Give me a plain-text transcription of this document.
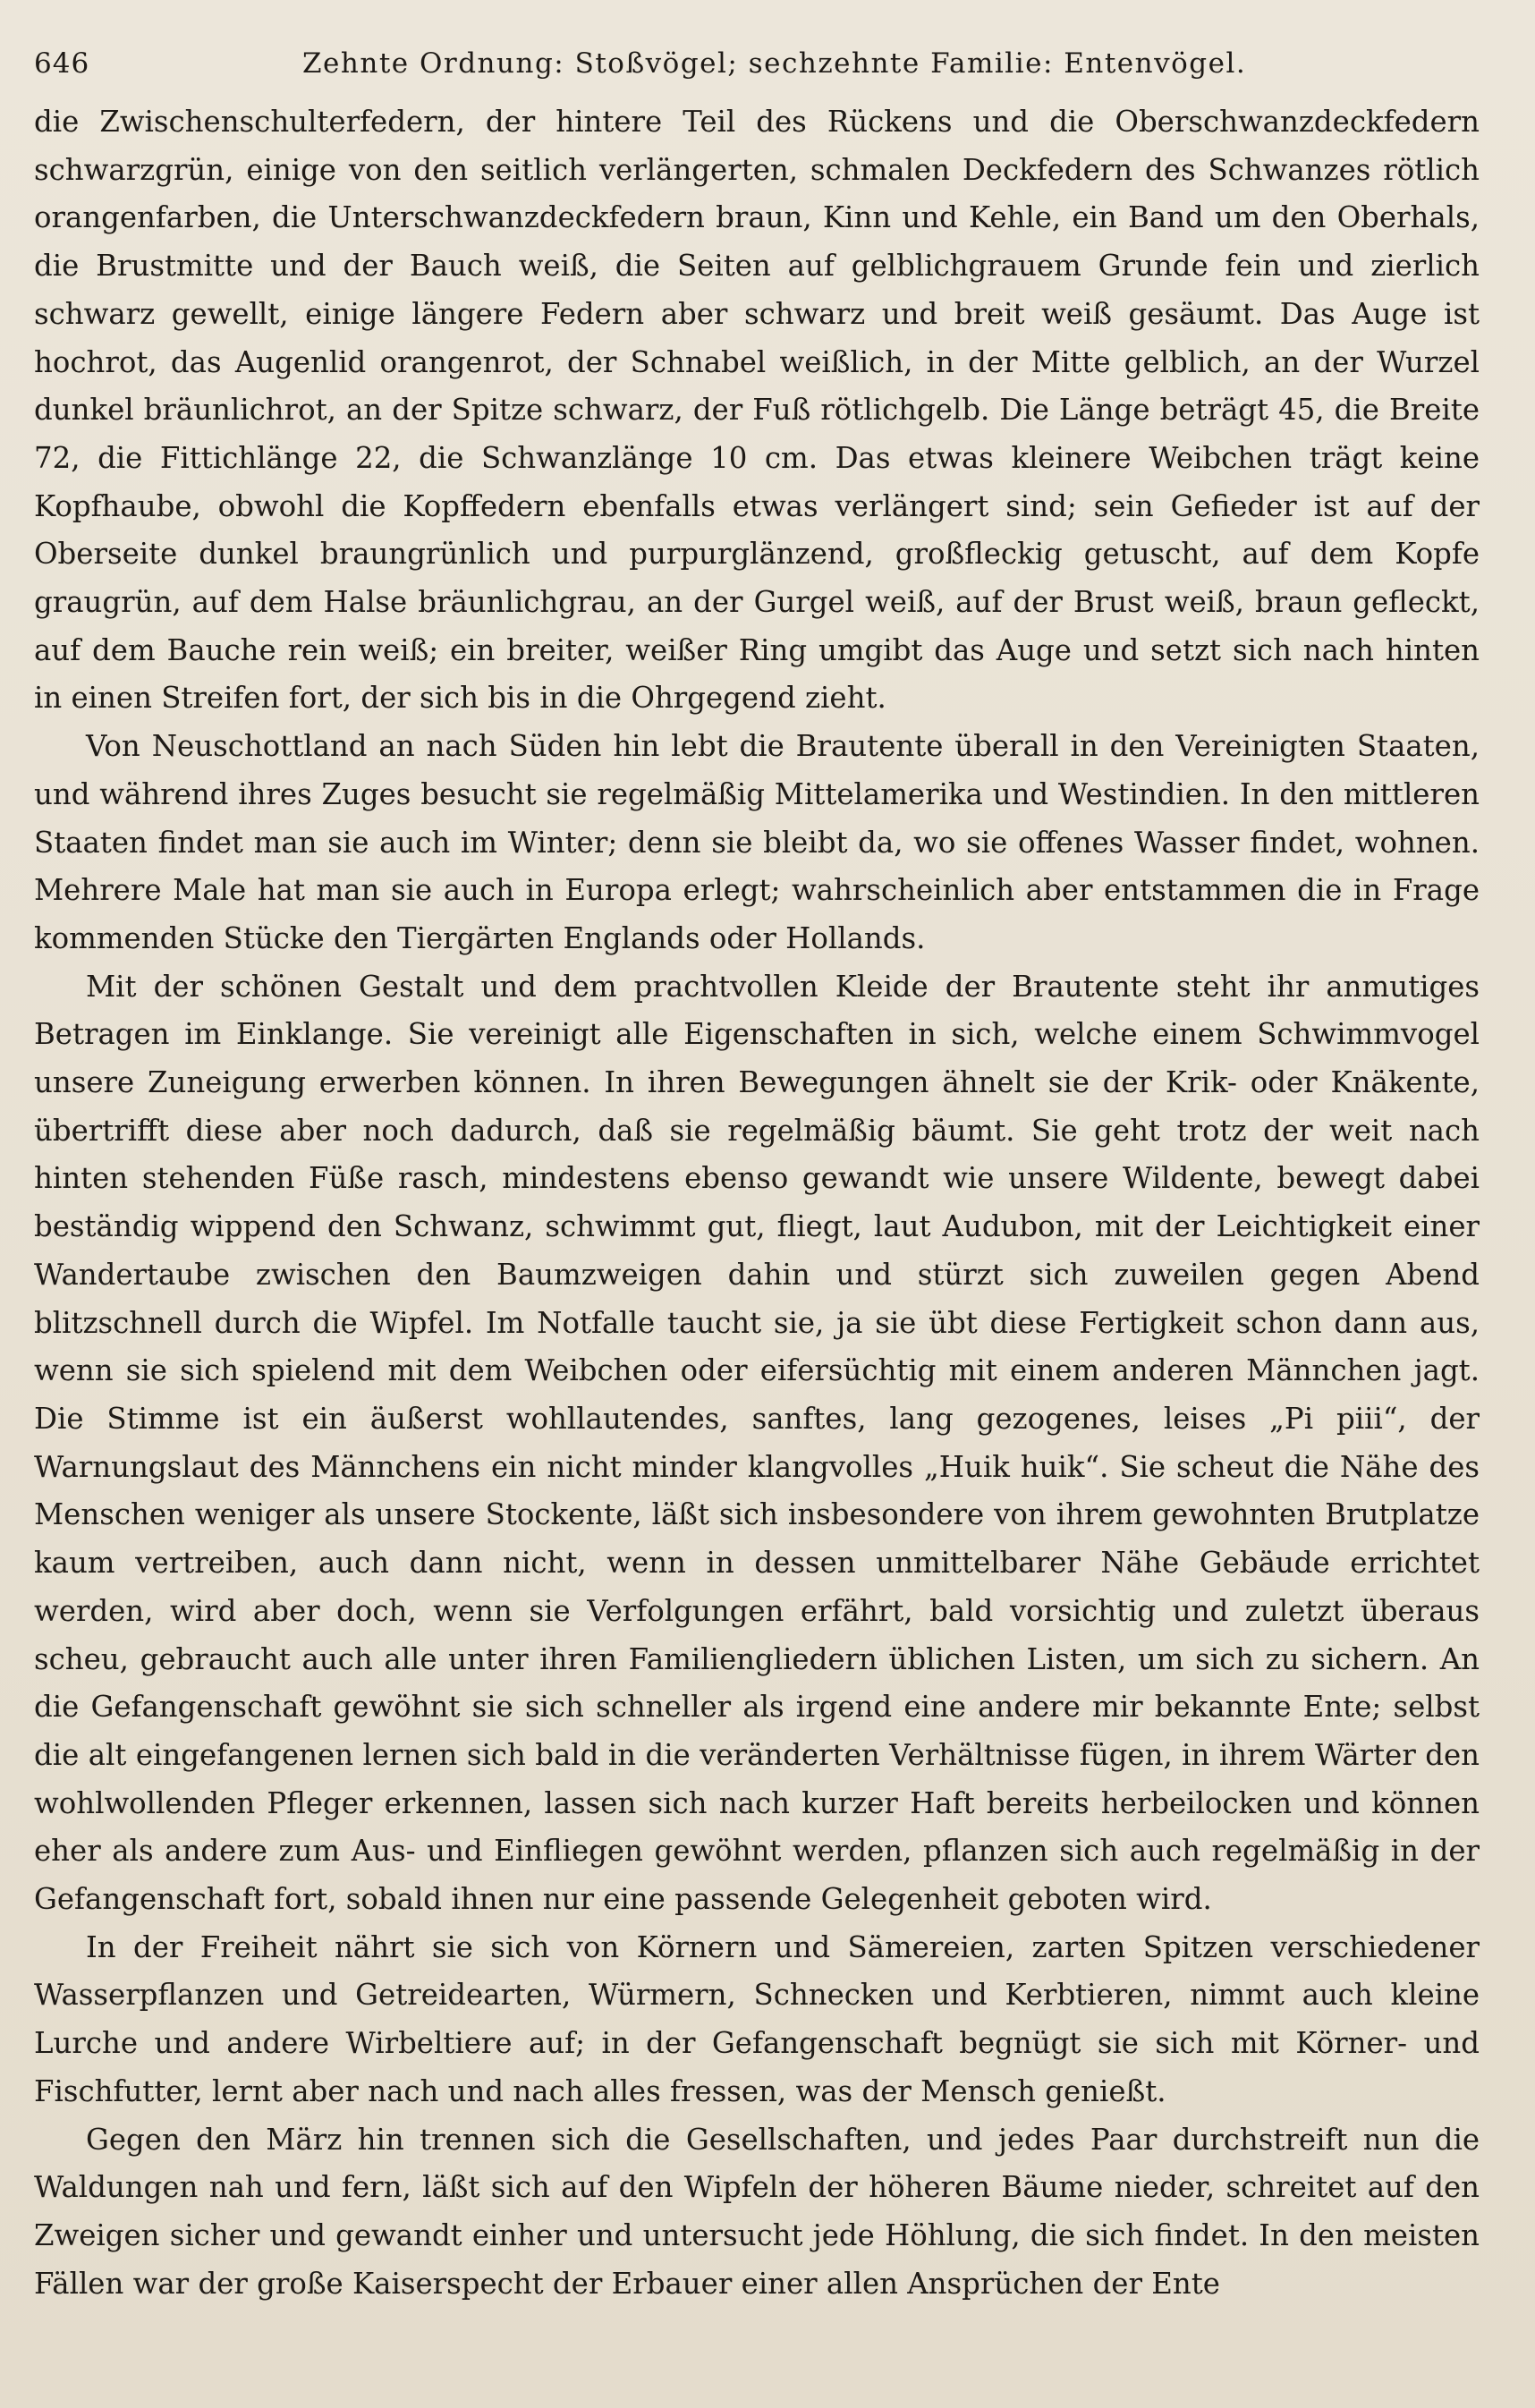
646	Zehnte Ordnung: Stoßvögel; sechzehnte Familie: Entenvögel.

die Zwischenschulterfedern, der hintere Teil des Rückens und die Oberschwanzdeckfedern schwarzgrün, einige von den seitlich verlängerten, schmalen Deckfedern des Schwanzes rötlich orangenfarben, die Unterschwanzdeckfedern braun, Kinn und Kehle, ein Band um den Oberhals, die Brustmitte und der Bauch weiß, die Seiten auf gelblichgrauem Grunde fein und zierlich schwarz gewellt, einige längere Federn aber schwarz und breit weiß gesäumt. Das Auge ist hochrot, das Augenlid orangenrot, der Schnabel weißlich, in der Mitte gelblich, an der Wurzel dunkel bräunlichrot, an der Spitze schwarz, der Fuß rötlichgelb. Die Länge beträgt 45, die Breite 72, die Fittichlänge 22, die Schwanzlänge 10 cm. Das etwas kleinere Weibchen trägt keine Kopfhaube, obwohl die Kopffedern ebenfalls etwas verlängert sind; sein Gefieder ist auf der Oberseite dunkel braungrünlich und purpurglänzend, großfleckig getuscht, auf dem Kopfe graugrün, auf dem Halse bräunlichgrau, an der Gurgel weiß, auf der Brust weiß, braun gefleckt, auf dem Bauche rein weiß; ein breiter, weißer Ring umgibt das Auge und setzt sich nach hinten in einen Streifen fort, der sich bis in die Ohrgegend zieht.

Von Neuschottland an nach Süden hin lebt die Brautente überall in den Vereinigten Staaten, und während ihres Zuges besucht sie regelmäßig Mittelamerika und Westindien. In den mittleren Staaten findet man sie auch im Winter; denn sie bleibt da, wo sie offenes Wasser findet, wohnen. Mehrere Male hat man sie auch in Europa erlegt; wahrscheinlich aber entstammen die in Frage kommenden Stücke den Tiergärten Englands oder Hollands.

Mit der schönen Gestalt und dem prachtvollen Kleide der Brautente steht ihr anmutiges Betragen im Einklange. Sie vereinigt alle Eigenschaften in sich, welche einem Schwimmvogel unsere Zuneigung erwerben können. In ihren Bewegungen ähnelt sie der Krik- oder Knäkente, übertrifft diese aber noch dadurch, daß sie regelmäßig bäumt. Sie geht trotz der weit nach hinten stehenden Füße rasch, mindestens ebenso gewandt wie unsere Wildente, bewegt dabei beständig wippend den Schwanz, schwimmt gut, fliegt, laut Audubon, mit der Leichtigkeit einer Wandertaube zwischen den Baumzweigen dahin und stürzt sich zuweilen gegen Abend blitzschnell durch die Wipfel. Im Notfalle taucht sie, ja sie übt diese Fertigkeit schon dann aus, wenn sie sich spielend mit dem Weibchen oder eifersüchtig mit einem anderen Männchen jagt. Die Stimme ist ein äußerst wohllautendes, sanftes, lang gezogenes, leises „Pi piii“, der Warnungslaut des Männchens ein nicht minder klangvolles „Huik huik“. Sie scheut die Nähe des Menschen weniger als unsere Stockente, läßt sich insbesondere von ihrem gewohnten Brutplatze kaum vertreiben, auch dann nicht, wenn in dessen unmittelbarer Nähe Gebäude errichtet werden, wird aber doch, wenn sie Verfolgungen erfährt, bald vorsichtig und zuletzt überaus scheu, gebraucht auch alle unter ihren Familiengliedern üblichen Listen, um sich zu sichern. An die Gefangenschaft gewöhnt sie sich schneller als irgend eine andere mir bekannte Ente; selbst die alt eingefangenen lernen sich bald in die veränderten Verhältnisse fügen, in ihrem Wärter den wohlwollenden Pfleger erkennen, lassen sich nach kurzer Haft bereits herbeilocken und können eher als andere zum Aus- und Einfliegen gewöhnt werden, pflanzen sich auch regelmäßig in der Gefangenschaft fort, sobald ihnen nur eine passende Gelegenheit geboten wird.

In der Freiheit nährt sie sich von Körnern und Sämereien, zarten Spitzen verschiedener Wasserpflanzen und Getreidearten, Würmern, Schnecken und Kerbtieren, nimmt auch kleine Lurche und andere Wirbeltiere auf; in der Gefangenschaft begnügt sie sich mit Körner- und Fischfutter, lernt aber nach und nach alles fressen, was der Mensch genießt.

Gegen den März hin trennen sich die Gesellschaften, und jedes Paar durchstreift nun die Waldungen nah und fern, läßt sich auf den Wipfeln der höheren Bäume nieder, schreitet auf den Zweigen sicher und gewandt einher und untersucht jede Höhlung, die sich findet. In den meisten Fällen war der große Kaiserspecht der Erbauer einer allen Ansprüchen der Ente
